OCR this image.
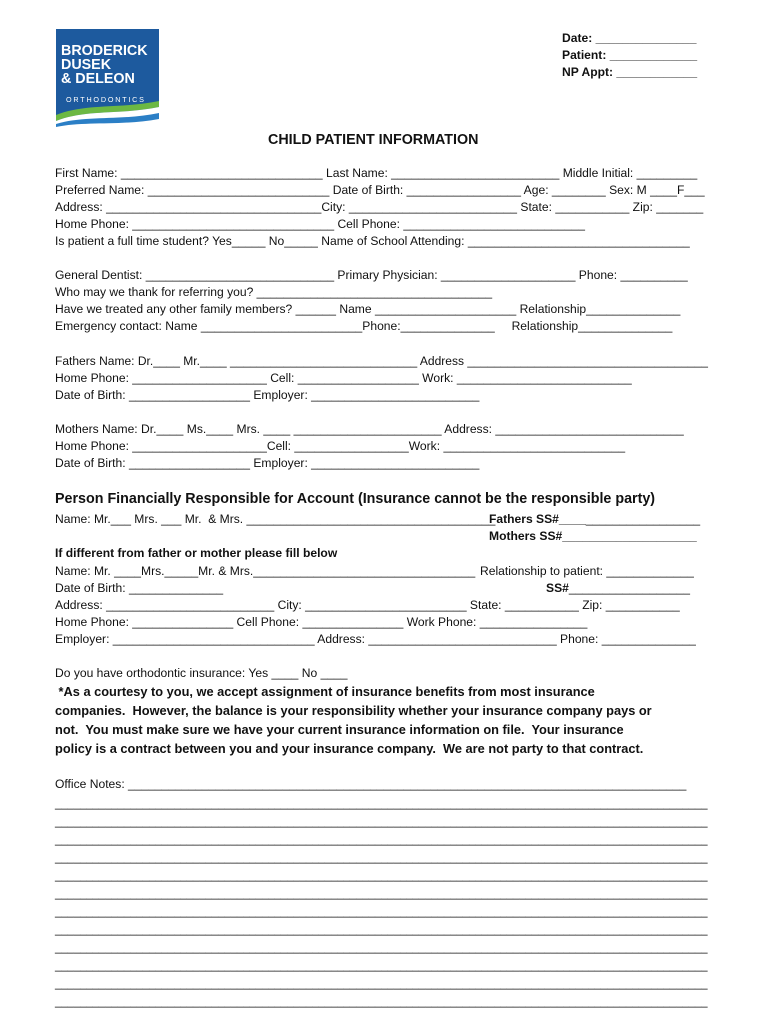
BRODERICK
DUSEK
& DELEON
ORTHODONTICS

Date: _______________

Patient: _____________

NP Appt: ____________

CHILD PATIENT INFORMATION

First Name: ______________________________ Last Name: _________________________ Middle Initial: _________

Preferred Name: ___________________________ Date of Birth: _________________ Age: ________ Sex: M ____F___

Address: ________________________________City: _________________________ State: ___________ Zip: _______

Home Phone: ______________________________ Cell Phone: ___________________________

Is patient a full time student? Yes_____ No_____ Name of School Attending: _________________________________

General Dentist: ____________________________ Primary Physician: ____________________ Phone: __________

Who may we thank for referring you? ___________________________________

Have we treated any other family members? ______ Name _____________________ Relationship______________

Emergency contact: Name ________________________Phone:______________     Relationship______________

Fathers Name: Dr.____ Mr.____ ____________________________ Address ____________________________________

Home Phone: ____________________ Cell: __________________ Work: __________________________

Date of Birth: __________________ Employer: _________________________

Mothers Name: Dr.____ Ms.____ Mrs. ____ ______________________ Address: ____________________________

Home Phone: ____________________Cell: _________________Work: ___________________________

Date of Birth: __________________ Employer: _________________________

Person Financially Responsible for Account (Insurance cannot be the responsible party)

Name: Mr.___ Mrs. ___ Mr.  & Mrs. _____________________________________

Fathers SS#_____________________

Mothers SS#____________________

If different from father or mother please fill below

Name: Mr. ____Mrs._____Mr. & Mrs._________________________________ Relationship to patient: _____________

Date of Birth: ______________	SS#__________________

Address: _________________________ City: ________________________ State: ___________ Zip: ___________

Home Phone: _______________ Cell Phone: _______________ Work Phone: ________________

Employer: ______________________________ Address: ____________________________ Phone: ______________

Do you have orthodontic insurance: Yes ____ No ____

*As a courtesy to you, we accept assignment of insurance benefits from most insurance

companies.  However, the balance is your responsibility whether your insurance company pays or

not.  You must make sure we have your current insurance information on file.  Your insurance

policy is a contract between you and your insurance company.  We are not party to that contract.

Office Notes: ___________________________________________________________________________________

________________________________________________________________________________________________________

________________________________________________________________________________________________________

________________________________________________________________________________________________________

________________________________________________________________________________________________________

________________________________________________________________________________________________________

________________________________________________________________________________________________________

________________________________________________________________________________________________________

________________________________________________________________________________________________________

________________________________________________________________________________________________________

________________________________________________________________________________________________________

________________________________________________________________________________________________________

________________________________________________________________________________________________________
